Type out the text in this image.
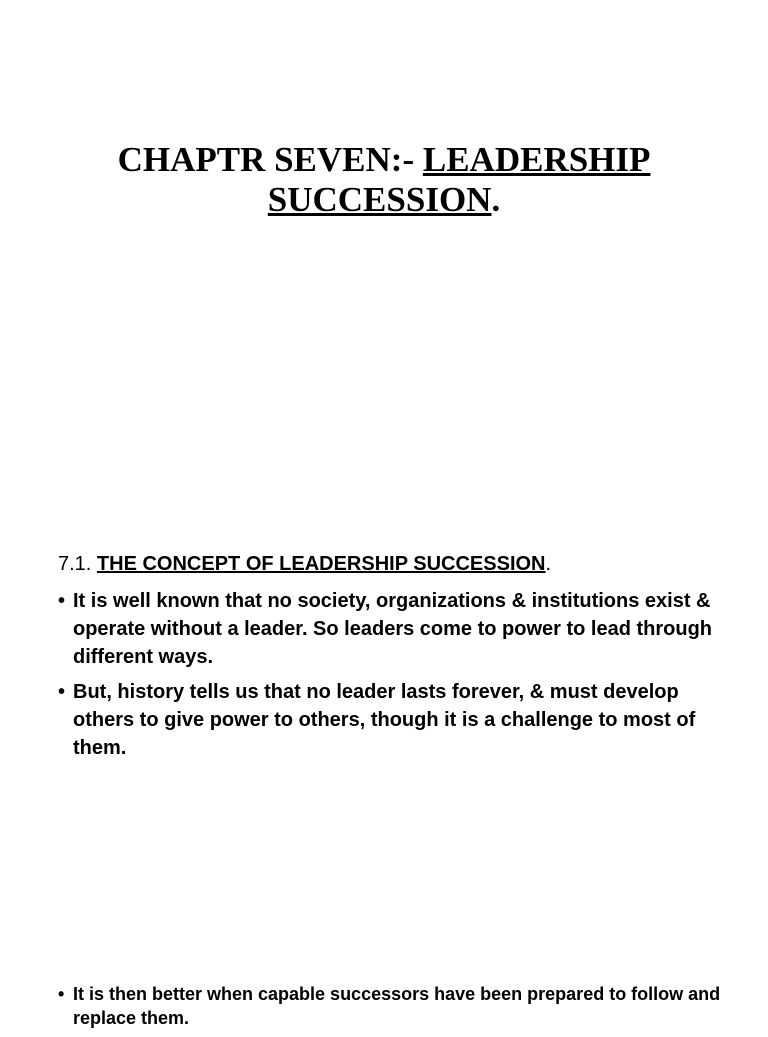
CHAPTR SEVEN:- LEADERSHIP
SUCCESSION.
7.1. THE CONCEPT OF LEADERSHIP SUCCESSION.
• It is well known that no society, organizations & institutions exist & operate without a leader. So leaders come to power to lead through different ways.
• But, history tells us that no leader lasts forever, & must develop others to give power to others, though it is a challenge to most of them.
• It is then better when capable successors have been prepared to follow and replace them.
